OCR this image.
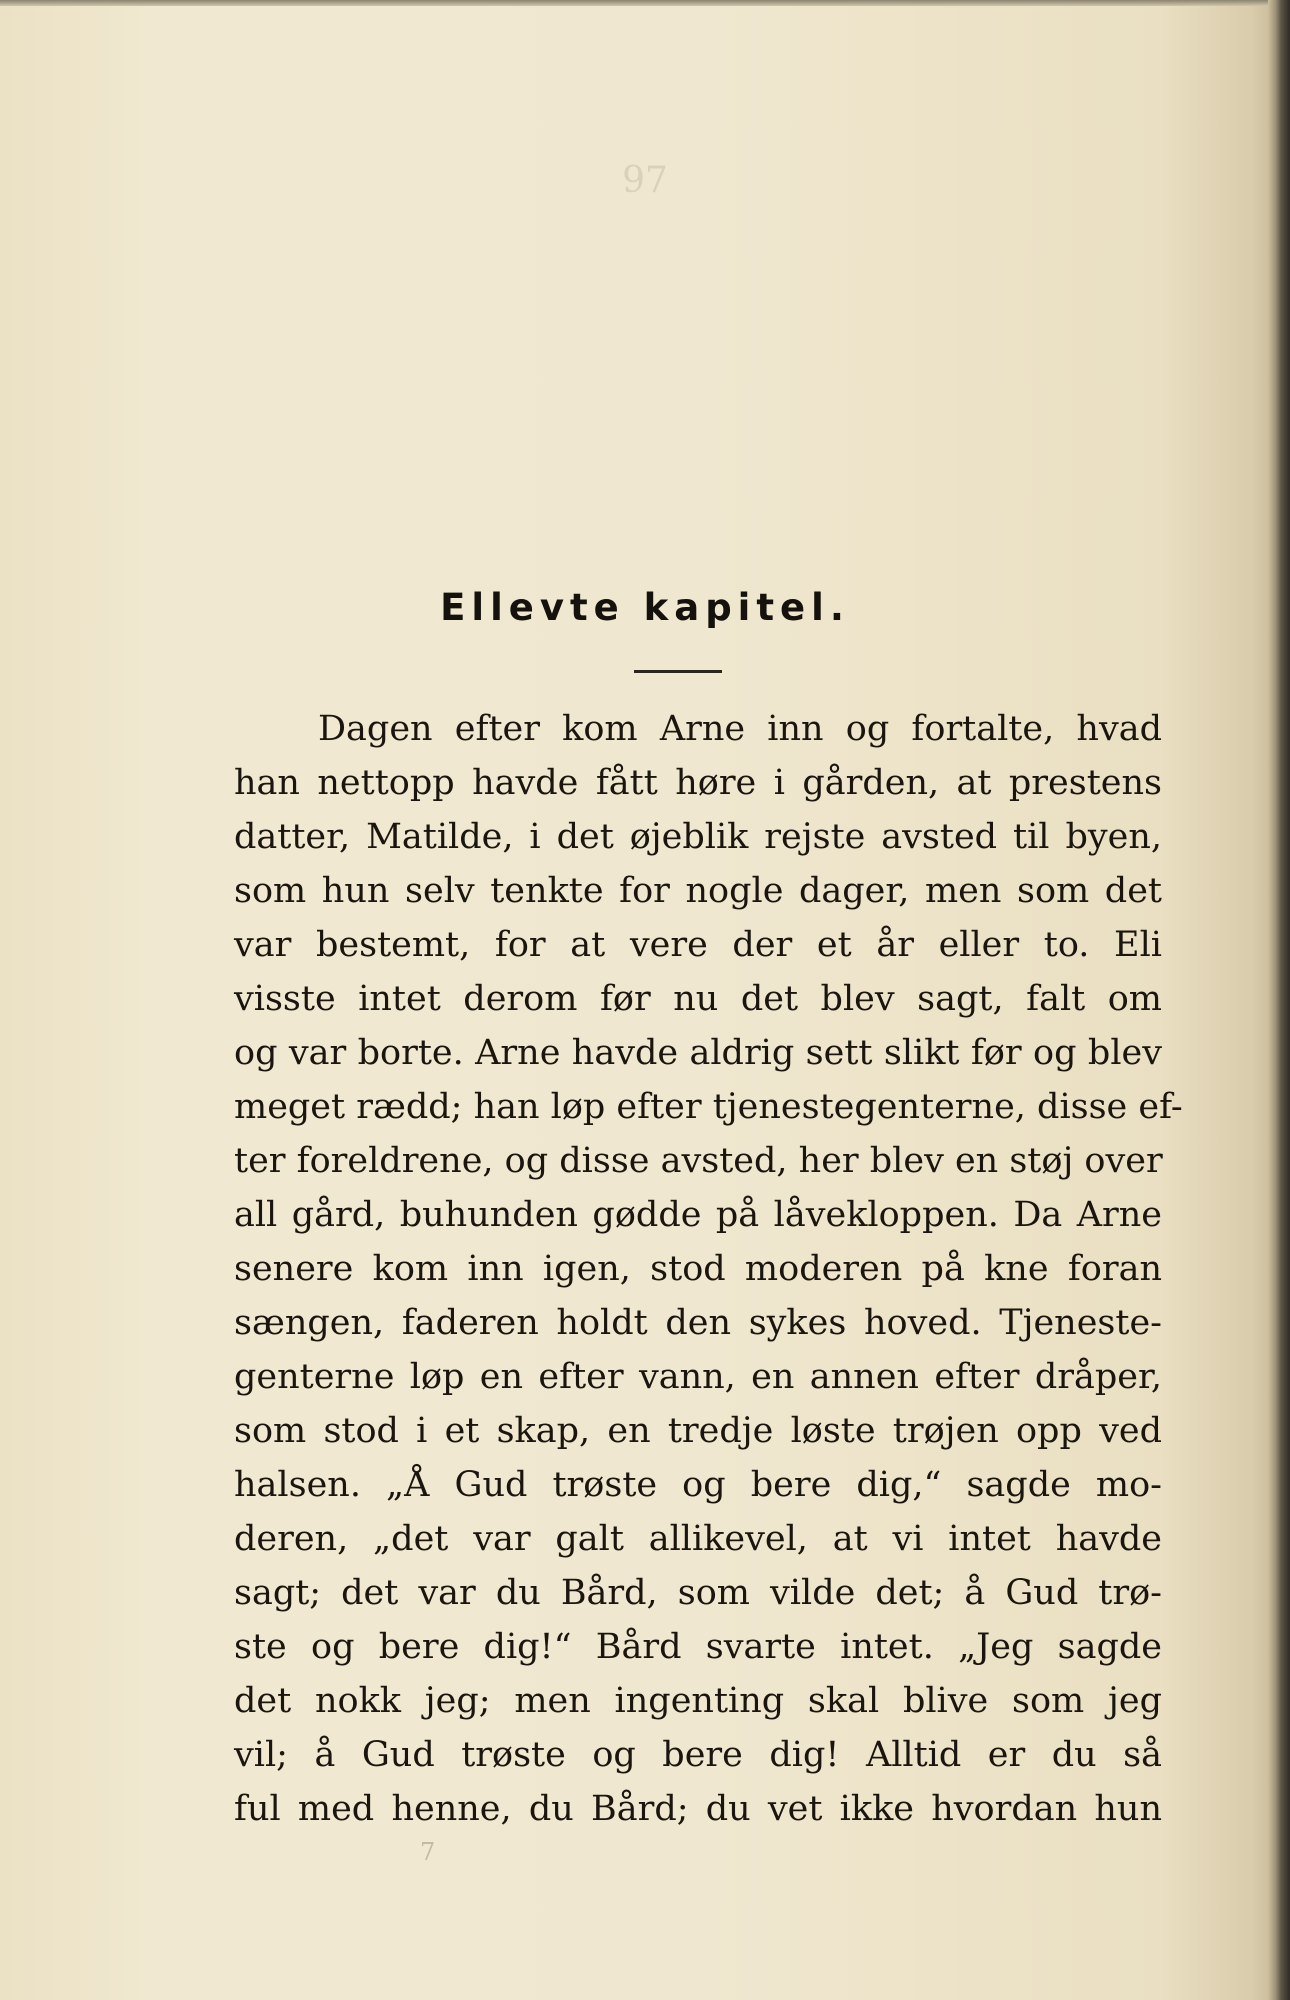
97
Ellevte kapitel.
Dagen efter kom Arne inn og fortalte, hvad
han nettopp havde fått høre i gården, at prestens
datter, Matilde, i det øjeblik rejste avsted til byen,
som hun selv tenkte for nogle dager, men som det
var bestemt, for at vere der et år eller to. Eli
visste intet derom før nu det blev sagt, falt om
og var borte. Arne havde aldrig sett slikt før og blev
meget rædd; han løp efter tjenestegenterne, disse ef-
ter foreldrene, og disse avsted, her blev en støj over
all gård, buhunden gødde på låvekloppen. Da Arne
senere kom inn igen, stod moderen på kne foran
sængen, faderen holdt den sykes hoved. Tjeneste-
genterne løp en efter vann, en annen efter dråper,
som stod i et skap, en tredje løste trøjen opp ved
halsen. „Å Gud trøste og bere dig,“ sagde mo-
deren, „det var galt allikevel, at vi intet havde
sagt; det var du Bård, som vilde det; å Gud trø-
ste og bere dig!“ Bård svarte intet. „Jeg sagde
det nokk jeg; men ingenting skal blive som jeg
vil; å Gud trøste og bere dig! Alltid er du så
ful med henne, du Bård; du vet ikke hvordan hun
7
